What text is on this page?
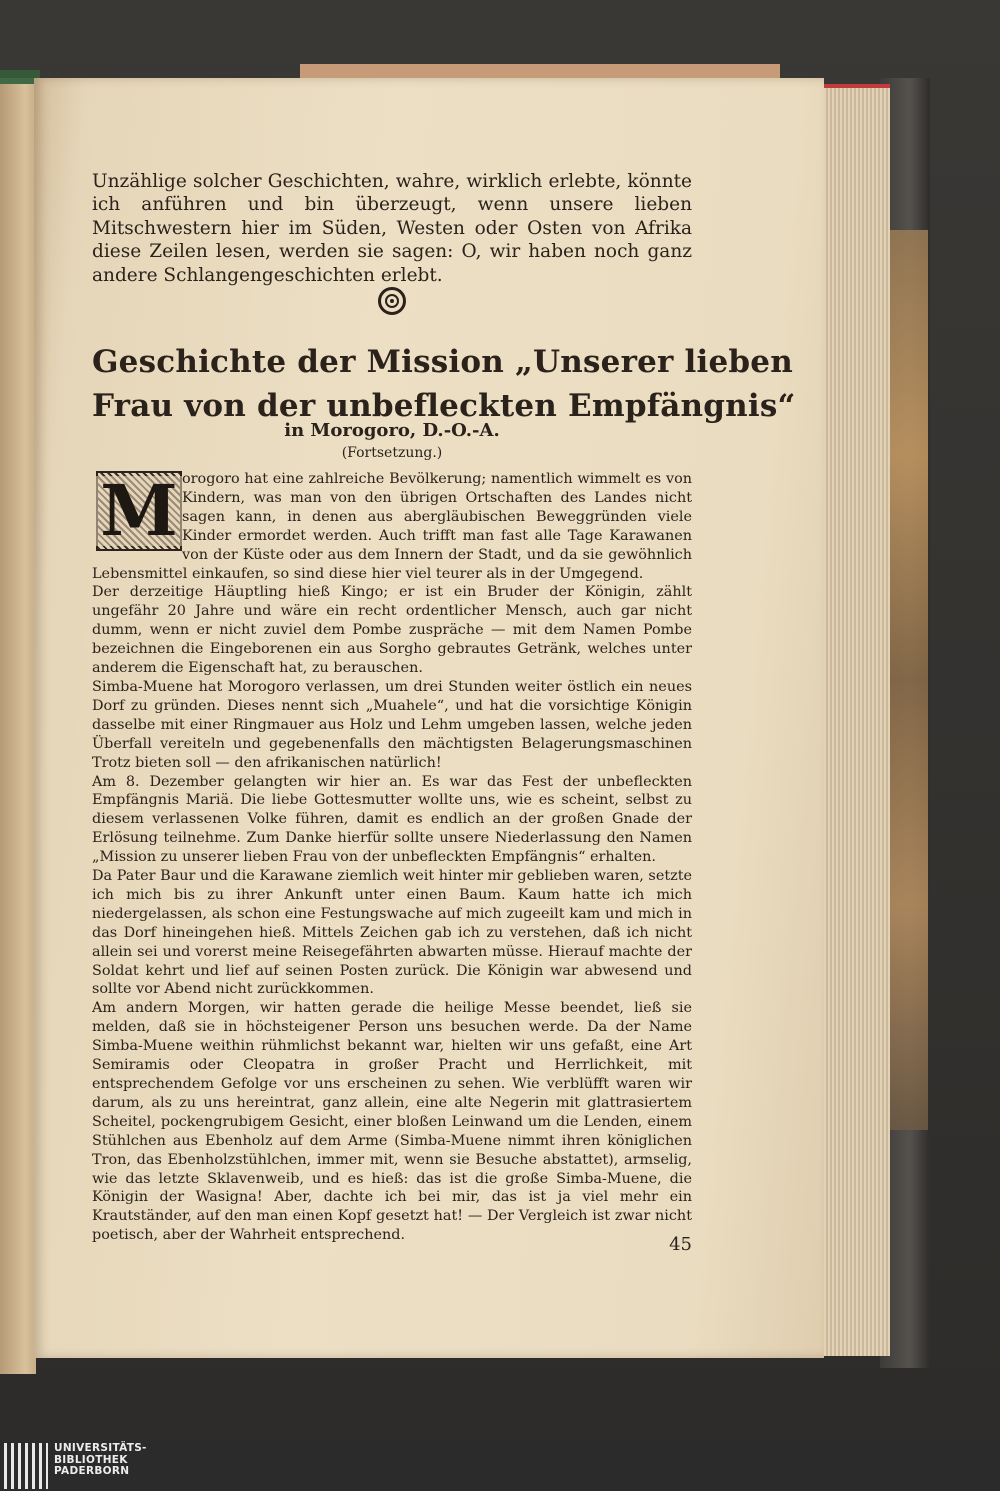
Unzählige solcher Geschichten, wahre, wirklich erlebte, könnte ich anführen und bin überzeugt, wenn unsere lieben Mitschwestern hier im Süden, Westen oder Osten von Afrika diese Zeilen lesen, werden sie sagen: O, wir haben noch ganz andere Schlangengeschichten erlebt.

Geschichte der Mission „Unserer lieben
Frau von der unbefleckten Empfängnis“

in Morogoro, D.-O.-A.

(Fortsetzung.)

orogoro hat eine zahlreiche Bevölkerung; namentlich wimmelt es von Kindern, was man von den übrigen Ortschaften des Landes nicht sagen kann, in denen aus abergläubischen Beweggründen viele Kinder ermordet werden. Auch trifft man fast alle Tage Karawanen von der Küste oder aus dem Innern der Stadt, und da sie gewöhnlich Lebensmittel einkaufen, so sind diese hier viel teurer als in der Umgegend.

Der derzeitige Häuptling hieß Kingo; er ist ein Bruder der Königin, zählt ungefähr 20 Jahre und wäre ein recht ordentlicher Mensch, auch gar nicht dumm, wenn er nicht zuviel dem Pombe zuspräche — mit dem Namen Pombe bezeichnen die Eingeborenen ein aus Sorgho gebrautes Getränk, welches unter anderem die Eigenschaft hat, zu berauschen.

Simba-Muene hat Morogoro verlassen, um drei Stunden weiter östlich ein neues Dorf zu gründen. Dieses nennt sich „Muahele“, und hat die vorsichtige Königin dasselbe mit einer Ringmauer aus Holz und Lehm umgeben lassen, welche jeden Überfall vereiteln und gegebenenfalls den mächtigsten Belagerungsmaschinen Trotz bieten soll — den afrikanischen natürlich!

Am 8. Dezember gelangten wir hier an. Es war das Fest der unbefleckten Empfängnis Mariä. Die liebe Gottesmutter wollte uns, wie es scheint, selbst zu diesem verlassenen Volke führen, damit es endlich an der großen Gnade der Erlösung teilnehme. Zum Danke hierfür sollte unsere Niederlassung den Namen „Mission zu unserer lieben Frau von der unbefleckten Empfängnis“ erhalten.

Da Pater Baur und die Karawane ziemlich weit hinter mir geblieben waren, setzte ich mich bis zu ihrer Ankunft unter einen Baum. Kaum hatte ich mich niedergelassen, als schon eine Festungswache auf mich zugeeilt kam und mich in das Dorf hineingehen hieß. Mittels Zeichen gab ich zu verstehen, daß ich nicht allein sei und vorerst meine Reisegefährten abwarten müsse. Hierauf machte der Soldat kehrt und lief auf seinen Posten zurück. Die Königin war abwesend und sollte vor Abend nicht zurückkommen.

Am andern Morgen, wir hatten gerade die heilige Messe beendet, ließ sie melden, daß sie in höchsteigener Person uns besuchen werde. Da der Name Simba-Muene weithin rühmlichst bekannt war, hielten wir uns gefaßt, eine Art Semiramis oder Cleopatra in großer Pracht und Herrlichkeit, mit entsprechendem Gefolge vor uns erscheinen zu sehen. Wie verblüfft waren wir darum, als zu uns hereintrat, ganz allein, eine alte Negerin mit glattrasiertem Scheitel, pockengrubigem Gesicht, einer bloßen Leinwand um die Lenden, einem Stühlchen aus Ebenholz auf dem Arme (Simba-Muene nimmt ihren königlichen Tron, das Ebenholzstühlchen, immer mit, wenn sie Besuche abstattet), armselig, wie das letzte Sklavenweib, und es hieß: das ist die große Simba-Muene, die Königin der Wasigna! Aber, dachte ich bei mir, das ist ja viel mehr ein Krautständer, auf den man einen Kopf gesetzt hat! — Der Vergleich ist zwar nicht poetisch, aber der Wahrheit entsprechend.

M
45
UNIVERSITÄTS-
BIBLIOTHEK
PADERBORN
